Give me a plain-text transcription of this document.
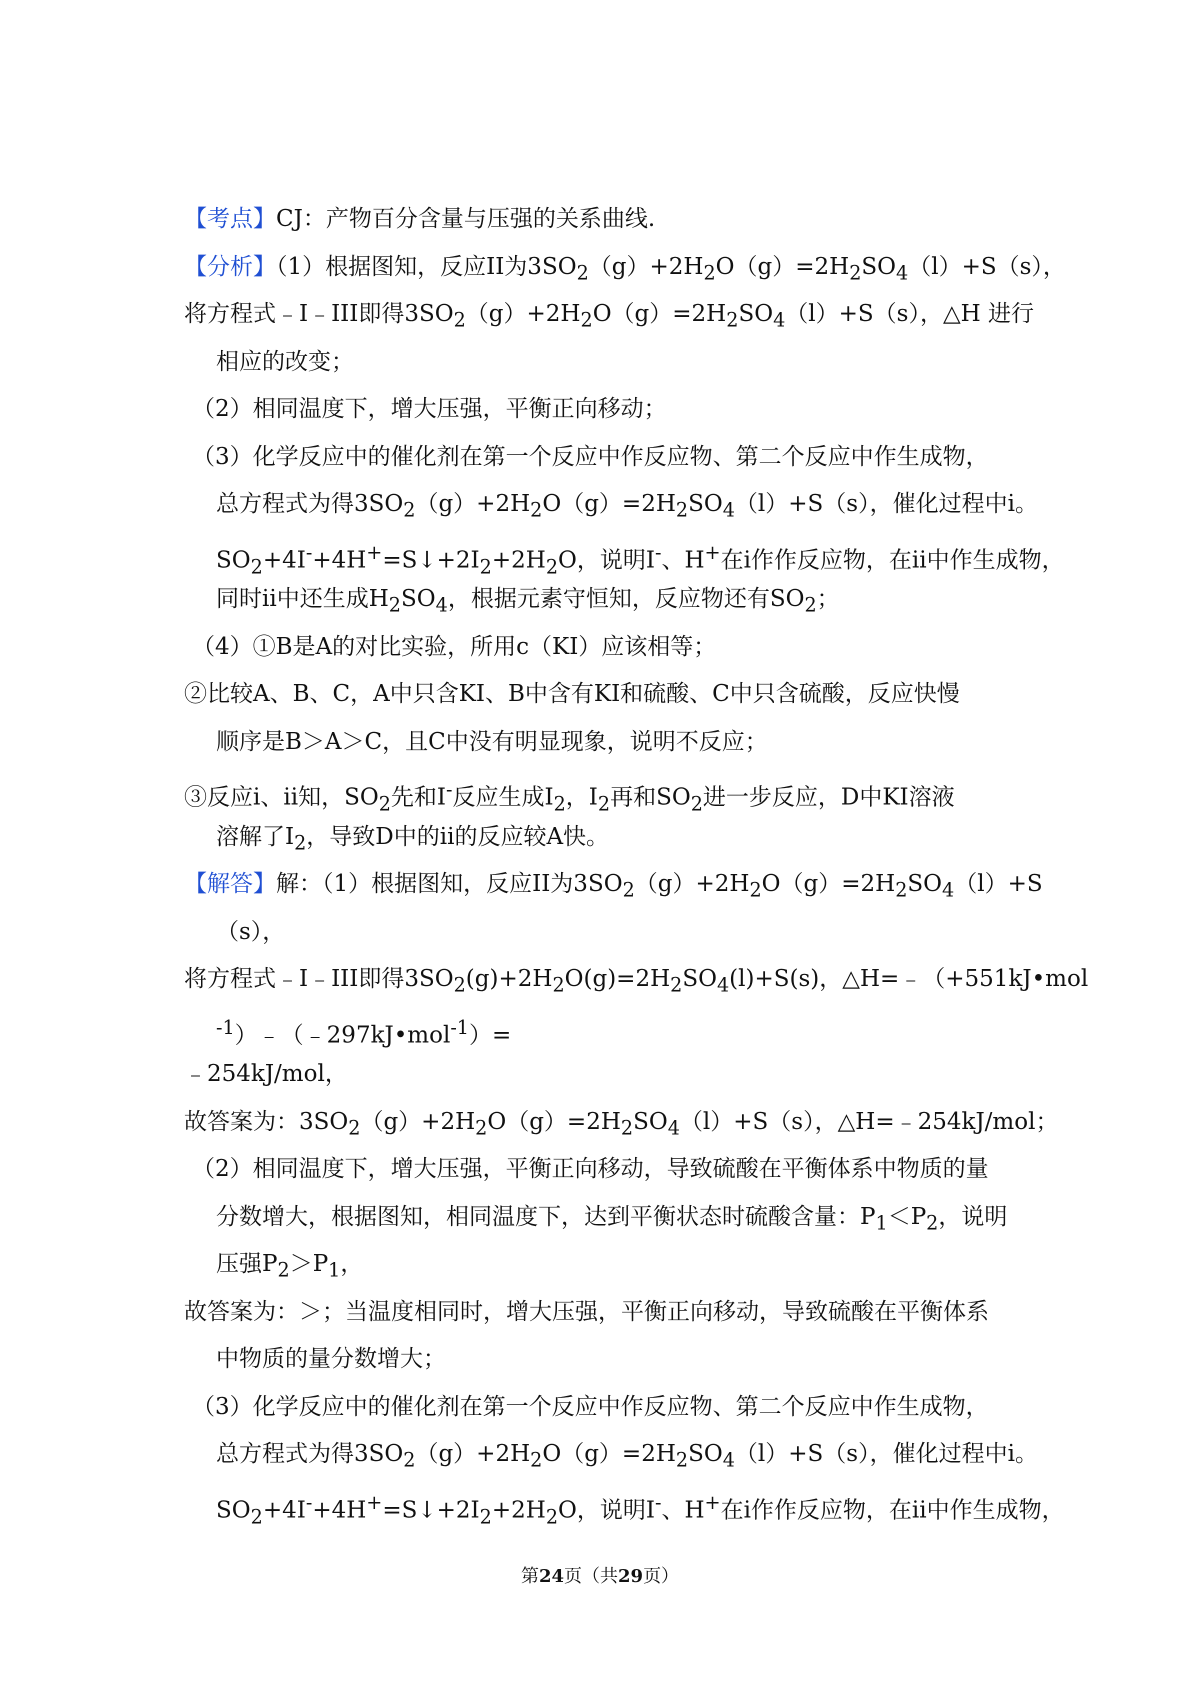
【考点】CJ：产物百分含量与压强的关系曲线.
【分析】（1）根据图知，反应II为$3SO_2(g)+2H_2O(g)=2H_2SO_4(l)+S(s)$，
将方程式﹣I﹣III即得$3SO_2(g)+2H_2O(g)=2H_2SO_4(l)+S(s)$，△H 进行
相应的改变；
（2）相同温度下，增大压强，平衡正向移动；
（3）化学反应中的催化剂在第一个反应中作反应物、第二个反应中作生成物，
总方程式为得$3SO_2(g)+2H_2O(g)=2H_2SO_4(l)+S(s)$，催化过程中i。
$SO_2+4I^-+4H^+=S↓+2I_2+2H_2O$，说明I-、H+在i作作反应物，在ii中作生成物，
同时ii中还生成$H_2SO_4$，根据元素守恒知，反应物还有$SO_2$；
（4）①B是A的对比实验，所用c（KI）应该相等；
②比较A、B、C，A中只含KI、B中含有KI和硫酸、C中只含硫酸，反应快慢
顺序是B＞A＞C，且C中没有明显现象，说明不反应；
③反应i、ii知，$SO_2$先和I-反应生成$I_2$，$I_2$再和$SO_2$进一步反应，D中KI溶液
溶解了$I_2$，导致D中的ii的反应较A快。
【解答】解：（1）根据图知，反应II为$3SO_2(g)+2H_2O(g)=2H_2SO_4(l)+S$
（s），
将方程式﹣I﹣III即得$3SO_2(g)+2H_2O(g)=2H_2SO_4(l)+S(s)$，△H=﹣（+551kJ•mol
$^{-1}$）﹣（﹣297kJ•mol$^{-1}$）=
﹣254kJ/mol，
故答案为：$3SO_2(g)+2H_2O(g)=2H_2SO_4(l)+S(s)$，△H=﹣254kJ/mol；
（2）相同温度下，增大压强，平衡正向移动，导致硫酸在平衡体系中物质的量
分数增大，根据图知，相同温度下，达到平衡状态时硫酸含量：$P_1<P_2$，说明
压强$P_2>P_1$，
故答案为：＞；当温度相同时，增大压强，平衡正向移动，导致硫酸在平衡体系
中物质的量分数增大；
（3）化学反应中的催化剂在第一个反应中作反应物、第二个反应中作生成物，
总方程式为得$3SO_2(g)+2H_2O(g)=2H_2SO_4(l)+S(s)$，催化过程中i。
$SO_2+4I^-+4H^+=S↓+2I_2+2H_2O$，说明I-、H+在i作作反应物，在ii中作生成物，
第24页（共29页）
